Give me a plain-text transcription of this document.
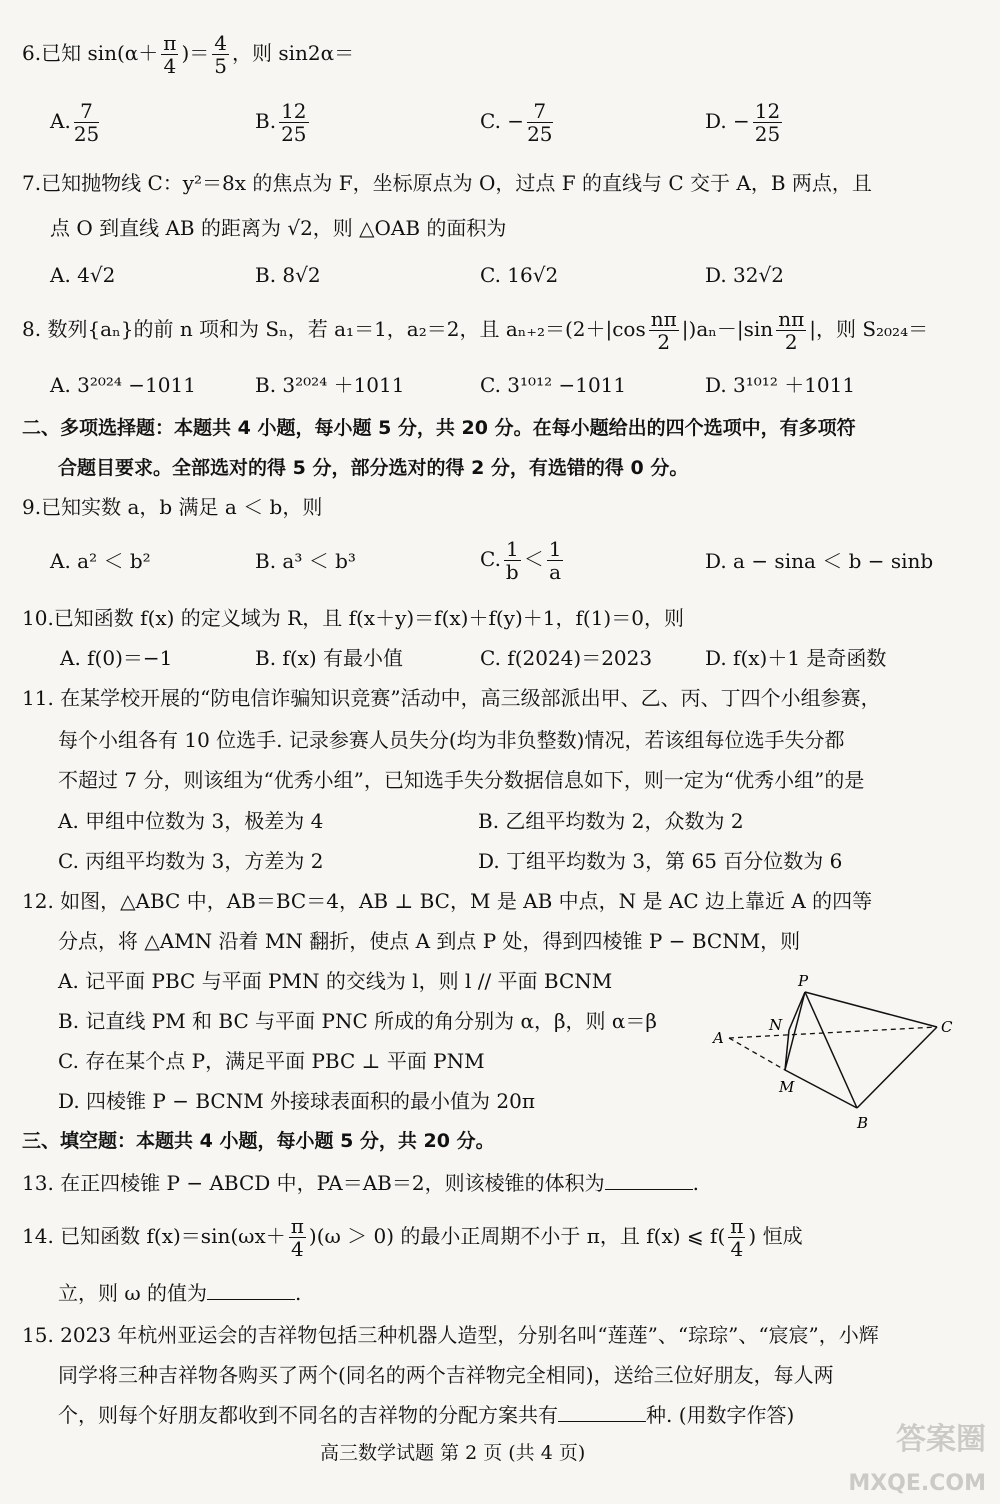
6.已知 $\sin(\alpha+ \frac{\pi}{4}$ )＝ $\frac{4}{5}$ ，则 sin2α＝
A. $\frac{7}{25}$	B. $\frac{12}{25}$	C. − $\frac{7}{25}$	D. − $\frac{12}{25}$
7.已知抛物线 C：y²＝8x 的焦点为 F，坐标原点为 O，过点 F 的直线与 C 交于 A，B 两点，且
点 O 到直线 AB 的距离为 √2，则 △OAB 的面积为
A. 4√2	B. 8√2	C. 16√2	D. 32√2
8. 数列{aₙ}的前 n 项和为 Sₙ，若 a₁＝1，a₂＝2，且 $a_{n+2}=(2+|\cos \frac{n\pi}{2} |)a_n-|\sin \frac{n\pi}{2}$ |，则 S₂₀₂₄＝
A. 3²⁰²⁴ −1011	B. 3²⁰²⁴ ＋1011	C. 3¹⁰¹² −1011	D. 3¹⁰¹² ＋1011
二、多项选择题：本题共 4 小题，每小题 5 分，共 20 分。在每小题给出的四个选项中，有多项符
合题目要求。全部选对的得 5 分，部分选对的得 2 分，有选错的得 0 分。
9.已知实数 a，b 满足 a ＜ b，则
A. a² ＜ b²	B. a³ ＜ b³	C. $\frac{1}{b} < \frac{1}{a}$	D. a − sina ＜ b − sinb
10.已知函数 f(x) 的定义域为 R，且 f(x＋y)＝f(x)＋f(y)＋1，f(1)＝0，则
A. f(0)＝−1	B. f(x) 有最小值	C. f(2024)＝2023	D. f(x)＋1 是奇函数
11. 在某学校开展的“防电信诈骗知识竞赛”活动中，高三级部派出甲、乙、丙、丁四个小组参赛，
每个小组各有 10 位选手. 记录参赛人员失分(均为非负整数)情况，若该组每位选手失分都
不超过 7 分，则该组为“优秀小组”，已知选手失分数据信息如下，则一定为“优秀小组”的是
A. 甲组中位数为 3，极差为 4	B. 乙组平均数为 2，众数为 2
C. 丙组平均数为 3，方差为 2	D. 丁组平均数为 3，第 65 百分位数为 6
12. 如图，△ABC 中，AB＝BC＝4，AB ⊥ BC，M 是 AB 中点，N 是 AC 边上靠近 A 的四等
分点，将 △AMN 沿着 MN 翻折，使点 A 到点 P 处，得到四棱锥 P − BCNM，则
A. 记平面 PBC 与平面 PMN 的交线为 l，则 l // 平面 BCNM
B. 记直线 PM 和 BC 与平面 PNC 所成的角分别为 α，β，则 α＝β
C. 存在某个点 P，满足平面 PBC ⊥ 平面 PNM
D. 四棱锥 P − BCNM 外接球表面积的最小值为 20π
P
N	C
A
M
B
三、填空题：本题共 4 小题，每小题 5 分，共 20 分。
13. 在正四棱锥 P − ABCD 中，PA＝AB＝2，则该棱锥的体积为	.
14. 已知函数 $f(x)=\sin(\omega x+ \frac{\pi}{4} )(\omega > 0)$ 的最小正周期不小于 π，且 f(x) ⩽ $f( \frac{\pi}{4}$ ) 恒成
立，则 ω 的值为	.
15. 2023 年杭州亚运会的吉祥物包括三种机器人造型，分别名叫“莲莲”、“琮琮”、“宸宸”，小辉
同学将三种吉祥物各购买了两个(同名的两个吉祥物完全相同)，送给三位好朋友，每人两
个，则每个好朋友都收到不同名的吉祥物的分配方案共有	种. (用数字作答)
高三数学试题 第 2 页 (共 4 页)	答案圈
MXQE.COM
